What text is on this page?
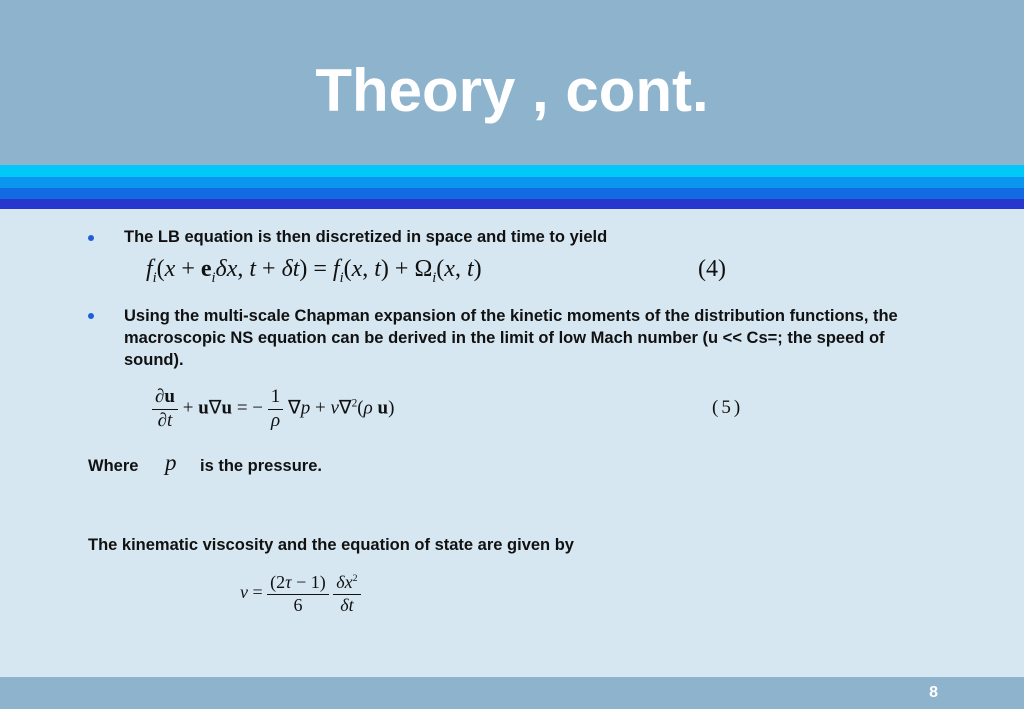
Theory , cont.
The LB equation is then discretized in space and time to yield
$f_i(x + e_i\delta x$, $t + \delta t) = f_i(x$, $t) + \Omega_i(x$, t)	(4)
Using the multi-scale Chapman expansion of the kinetic moments of the distribution functions, the macroscopic NS equation can be derived in the limit of low Mach number (u << Cs=; the speed of sound).
$\frac{\partial u}{\partial t} + u\nabla u$ = − $\frac{1}{\rho} \nabla p + \nu\nabla^2(\rho$ u)	(5)
Where p is the pressure.
The kinematic viscosity and the equation of state are given by
$\nu = \frac{(2\tau - 1)}{6}$
$\frac{\delta x^2}{\delta t}$
8
